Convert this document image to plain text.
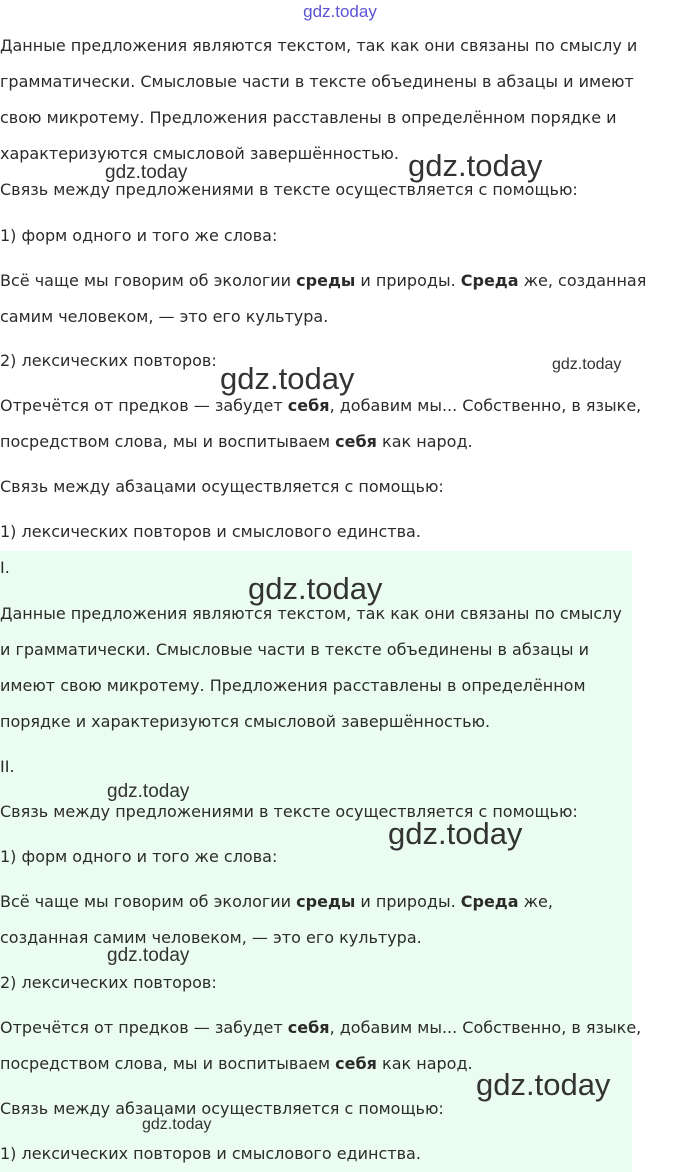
gdz.today

Данные предложения являются текстом, так как они связаны по смыслу и

грамматически. Смысловые части в тексте объединены в абзацы и имеют

свою микротему. Предложения расставлены в определённом порядке и

характеризуются смысловой завершённостью.

Связь между предложениями в тексте осуществляется с помощью:

1) форм одного и того же слова:

Всё чаще мы говорим об экологии среды и природы. Среда же, созданная

самим человеком, — это его культура.

2) лексических повторов:

Отречётся от предков — забудет себя, добавим мы... Собственно, в языке,

посредством слова, мы и воспитываем себя как народ.

Связь между абзацами осуществляется с помощью:

1) лексических повторов и смыслового единства.

I.

Данные предложения являются текстом, так как они связаны по смыслу

и грамматически. Смысловые части в тексте объединены в абзацы и

имеют свою микротему. Предложения расставлены в определённом

порядке и характеризуются смысловой завершённостью.

II.

Связь между предложениями в тексте осуществляется с помощью:

1) форм одного и того же слова:

Всё чаще мы говорим об экологии среды и природы. Среда же,

созданная самим человеком, — это его культура.

2) лексических повторов:

Отречётся от предков — забудет себя, добавим мы... Собственно, в языке,

посредством слова, мы и воспитываем себя как народ.

Связь между абзацами осуществляется с помощью:

1) лексических повторов и смыслового единства.

gdz.today	gdz.today
gdz.today
gdz.today
gdz.today
gdz.today
gdz.today
gdz.today
gdz.today
gdz.today
